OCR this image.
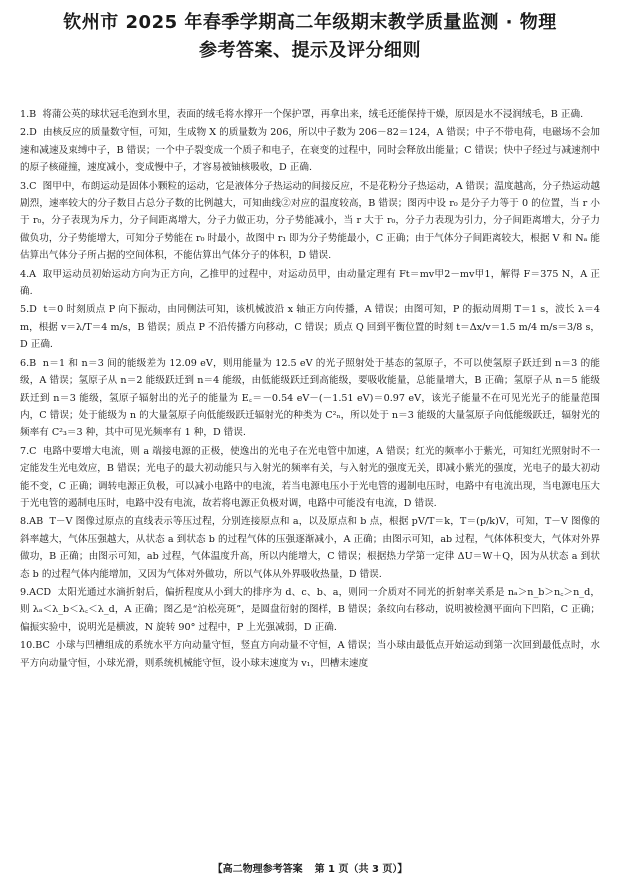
钦州市 2025 年春季学期高二年级期末教学质量监测 · 物理
参考答案、提示及评分细则

1.B 将蒲公英的球状冠毛泡到水里，表面的绒毛将水撑开一个保护罩，再拿出来，绒毛还能保持干燥，原因是水不浸润绒毛，B 正确.

2.D 由核反应的质量数守恒，可知，生成物 X 的质量数为 206，所以中子数为 206－82＝124，A 错误；中子不带电荷，电磁场不会加速和减速及束缚中子，B 错误；一个中子裂变成一个质子和电子，在衰变的过程中，同时会释放出能量；C 错误；快中子经过与减速剂中的原子核碰撞，速度减小，变成慢中子，才容易被铀核吸收，D 正确.

3.C 图甲中，布朗运动是固体小颗粒的运动，它是液体分子热运动的间接反应，不是花粉分子热运动，A 错误；温度越高，分子热运动越剧烈，速率较大的分子数目占总分子数的比例越大，可知曲线②对应的温度较高，B 错误；图丙中设 r₀ 是分子力等于 0 的位置，当 r 小于 r₀，分子表现为斥力，分子间距离增大，分子力做正功，分子势能减小，当 r 大于 r₀，分子力表现为引力，分子间距离增大，分子力做负功，分子势能增大，可知分子势能在 r₀ 时最小，故图中 r₁ 即为分子势能最小，C 正确；由于气体分子间距离较大，根据 V 和 Nₐ 能估算出气体分子所占据的空间体积，不能估算出气体分子的体积，D 错误.

4.A 取甲运动员初始运动方向为正方向，乙推甲的过程中，对运动员甲，由动量定理有 Ft＝mv甲2－mv甲1，解得 F＝375 N，A 正确.

5.D t＝0 时刻质点 P 向下振动，由同侧法可知，该机械波沿 x 轴正方向传播，A 错误；由图可知，P 的振动周期 T＝1 s，波长 λ＝4 m，根据 v＝λ/T＝4 m/s，B 错误；质点 P 不沿传播方向移动，C 错误；质点 Q 回到平衡位置的时刻 t＝Δx/v＝1.5 m/4 m/s＝3/8 s，D 正确.

6.B n＝1 和 n＝3 间的能级差为 12.09 eV，则用能量为 12.5 eV 的光子照射处于基态的氢原子，不可以使氢原子跃迁到 n＝3 的能级，A 错误；氢原子从 n＝2 能级跃迁到 n＝4 能级，由低能级跃迁到高能级，要吸收能量，总能量增大，B 正确；氢原子从 n＝5 能级跃迁到 n＝3 能级，氢原子辐射出的光子的能量为 E꜀＝－0.54 eV－(－1.51 eV)＝0.97 eV，该光子能量不在可见光光子的能量范围内，C 错误；处于能级为 n 的大量氢原子向低能级跃迁辐射光的种类为 C²ₙ，所以处于 n＝3 能级的大量氢原子向低能级跃迁，辐射光的频率有 C²₃＝3 种，其中可见光频率有 1 种，D 错误.

7.C 电路中要增大电流，则 a 端接电源的正极，使逸出的光电子在光电管中加速，A 错误；红光的频率小于紫光，可知红光照射时不一定能发生光电效应，B 错误；光电子的最大初动能只与入射光的频率有关，与入射光的强度无关，即减小紫光的强度，光电子的最大初动能不变，C 正确；调转电源正负极，可以减小电路中的电流，若当电源电压小于光电管的遏制电压时，电路中有电流出现，当电源电压大于光电管的遏制电压时，电路中没有电流，故若将电源正负极对调，电路中可能没有电流，D 错误.

8.AB T－V 图像过原点的直线表示等压过程，分别连接原点和 a，以及原点和 b 点，根据 pV/T＝k，T＝(p/k)V，可知，T－V 图像的斜率越大，气体压强越大，从状态 a 到状态 b 的过程气体的压强逐渐减小，A 正确；由图示可知，ab 过程，气体体积变大，气体对外界做功，B 正确；由图示可知，ab 过程，气体温度升高，所以内能增大，C 错误；根据热力学第一定律 ΔU＝W＋Q，因为从状态 a 到状态 b 的过程气体内能增加，又因为气体对外做功，所以气体从外界吸收热量，D 错误.

9.ACD 太阳光通过水滴折射后，偏折程度从小到大的排序为 d、c、b、a，则同一介质对不同光的折射率关系是 nₐ＞n_b＞n꜀＞n_d，则 λₐ＜λ_b＜λ꜀＜λ_d，A 正确；图乙是“泊松亮斑”，是圆盘衍射的图样，B 错误；条纹向右移动，说明被检测平面向下凹陷，C 正确；偏振实验中，说明光是横波，N 旋转 90° 过程中，P 上光强减弱，D 正确.

10.BC 小球与凹槽组成的系统水平方向动量守恒，竖直方向动量不守恒，A 错误；当小球由最低点开始运动到第一次回到最低点时，水平方向动量守恒，小球光滑，则系统机械能守恒，设小球末速度为 v₁，凹槽末速度

【高二物理参考答案 第 1 页（共 3 页）】
